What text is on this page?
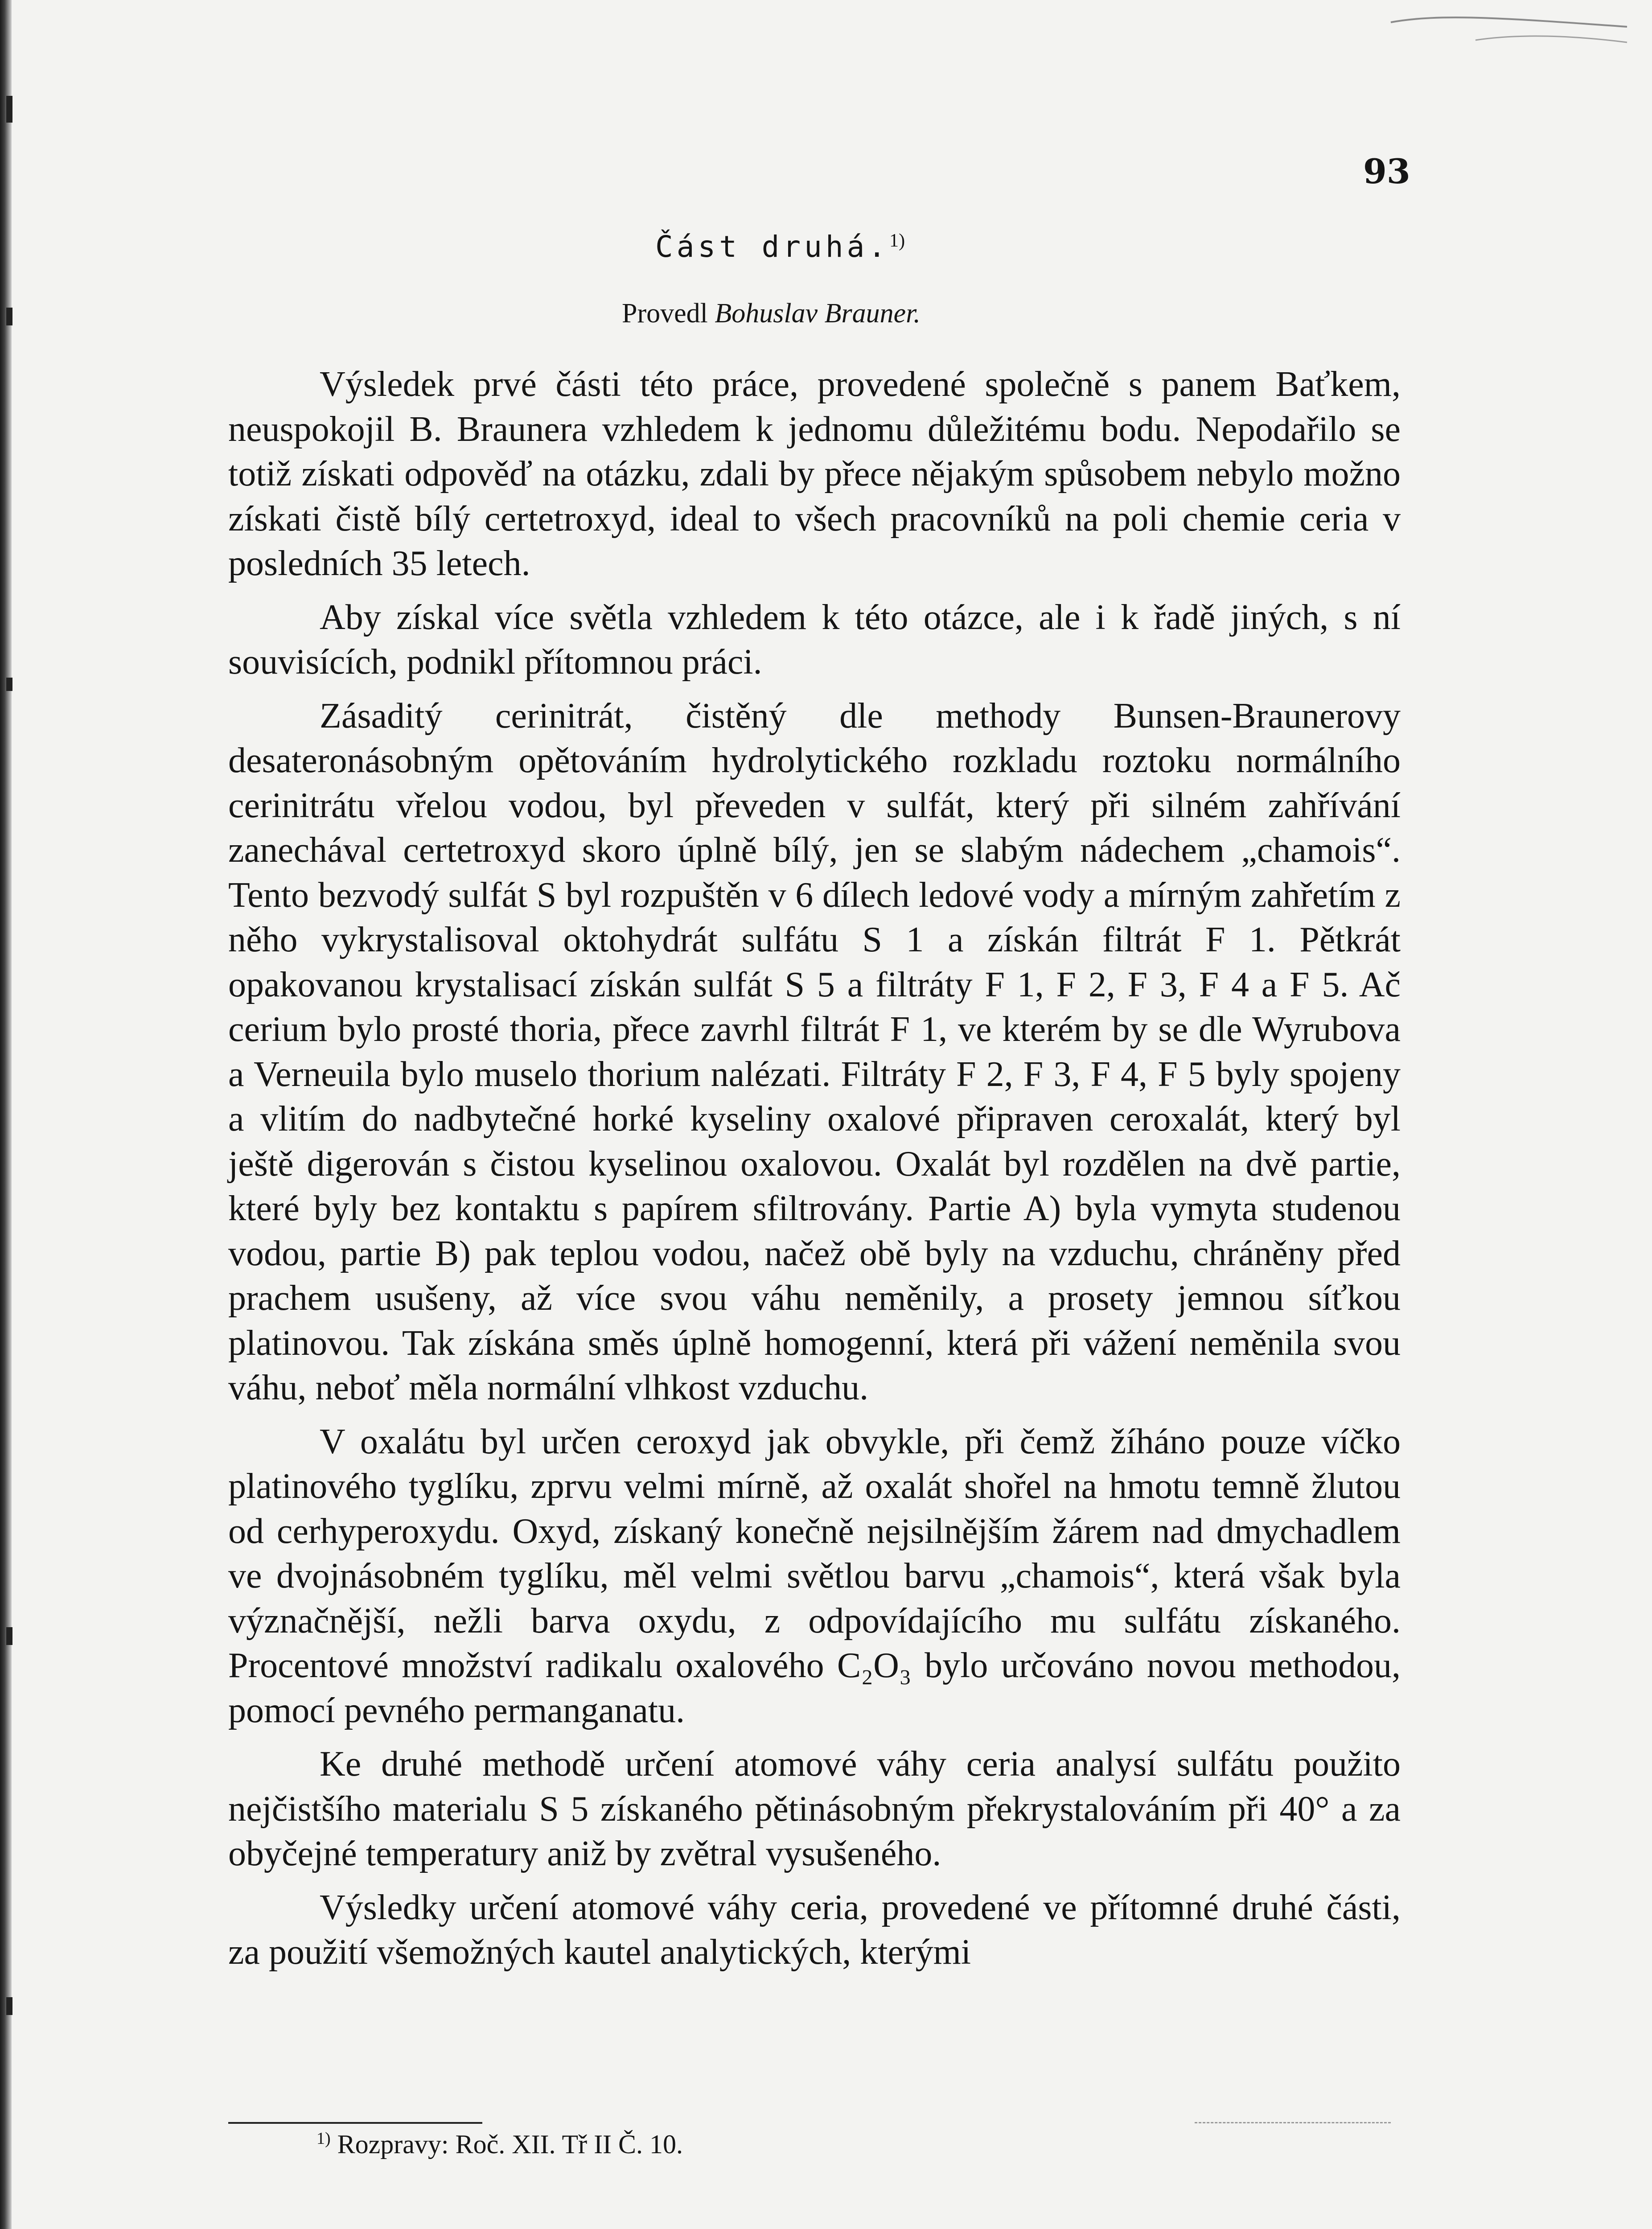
93
Část druhá.$^{1)}$
Provedl Bohuslav Brauner.

Výsledek prvé části této práce, provedené společně s panem Baťkem, neuspokojil B. Braunera vzhledem k jednomu důležitému bodu. Nepodařilo se totiž získati odpověď na otázku, zdali by přece nějakým spůsobem nebylo možno získati čistě bílý certetroxyd, ideal to všech pracovníků na poli chemie ceria v posledních 35 letech.

Aby získal více světla vzhledem k této otázce, ale i k řadě jiných, s ní souvisících, podnikl přítomnou práci.

Zásaditý cerinitrát, čistěný dle methody Bunsen-Braunerovy desateronásobným opětováním hydrolytického rozkladu roztoku normálního cerinitrátu vřelou vodou, byl převeden v sulfát, který při silném zahřívání zanechával certetroxyd skoro úplně bílý, jen se slabým nádechem „chamois“. Tento bezvodý sulfát S byl rozpuštěn v 6 dílech ledové vody a mírným zahřetím z něho vykrystalisoval oktohydrát sulfátu S 1 a získán filtrát F 1. Pětkrát opakovanou krystalisací získán sulfát S 5 a filtráty F 1, F 2, F 3, F 4 a F 5. Ač cerium bylo prosté thoria, přece zavrhl filtrát F 1, ve kterém by se dle Wyrubova a Verneuila bylo muselo thorium nalézati. Filtráty F 2, F 3, F 4, F 5 byly spojeny a vlitím do nadbytečné horké kyseliny oxalové připraven ceroxalát, který byl ještě digerován s čistou kyselinou oxalovou. Oxalát byl rozdělen na dvě partie, které byly bez kontaktu s papírem sfiltrovány. Partie A) byla vymyta studenou vodou, partie B) pak teplou vodou, načež obě byly na vzduchu, chráněny před prachem usušeny, až více svou váhu neměnily, a prosety jemnou síťkou platinovou. Tak získána směs úplně homogenní, která při vážení neměnila svou váhu, neboť měla normální vlhkost vzduchu.

V oxalátu byl určen ceroxyd jak obvykle, při čemž žíháno pouze víčko platinového tyglíku, zprvu velmi mírně, až oxalát shořel na hmotu temně žlutou od cerhyperoxydu. Oxyd, získaný konečně nejsilnějším žárem nad dmychadlem ve dvojnásobném tyglíku, měl velmi světlou barvu „chamois“, která však byla význačnější, nežli barva oxydu, z odpovídajícího mu sulfátu získaného. Procentové množství radikalu oxalového C₂O₃ bylo určováno novou methodou, pomocí pevného permanganatu.

Ke druhé methodě určení atomové váhy ceria analysí sulfátu použito nejčistšího materialu S 5 získaného pětinásobným překrystalováním při 40° a za obyčejné temperatury aniž by zvětral vysušeného.

Výsledky určení atomové váhy ceria, provedené ve přítomné druhé části, za použití všemožných kautel analytických, kterými

$^{1)}$ Rozpravy: Roč. XII. Tř II Č. 10.
